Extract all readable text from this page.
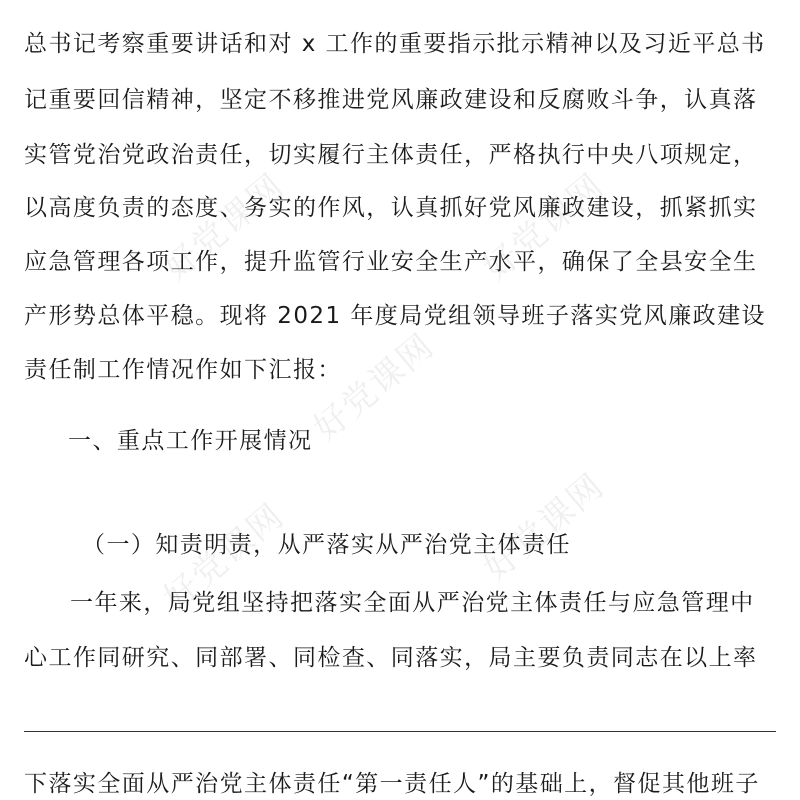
好党课网	好党课网
好党课网
好党课网	好党课网
总书记考察重要讲话和对 x 工作的重要指示批示精神以及习近平总书
记重要回信精神，坚定不移推进党风廉政建设和反腐败斗争，认真落
实管党治党政治责任，切实履行主体责任，严格执行中央八项规定，
以高度负责的态度、务实的作风，认真抓好党风廉政建设，抓紧抓实
应急管理各项工作，提升监管行业安全生产水平，确保了全县安全生
产形势总体平稳。现将 2021 年度局党组领导班子落实党风廉政建设
责任制工作情况作如下汇报：
一、重点工作开展情况
（一）知责明责，从严落实从严治党主体责任
一年来，局党组坚持把落实全面从严治党主体责任与应急管理中
心工作同研究、同部署、同检查、同落实，局主要负责同志在以上率
下落实全面从严治党主体责任“第一责任人”的基础上，督促其他班子
